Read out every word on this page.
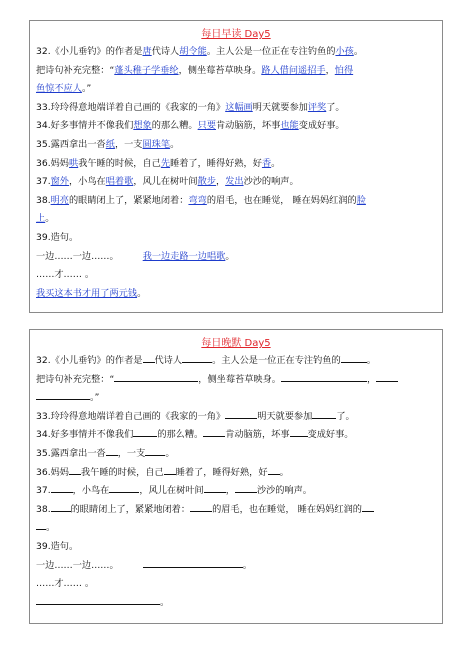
每日早读 Day5
32.《小儿垂钓》的作者是唐代诗人胡令能。主人公是一位正在专注钓鱼的小孩。
把诗句补充完整：“蓬头稚子学垂纶，侧坐莓苔草映身。路人借问遥招手，怕得
鱼惊不应人。”
33.玲玲得意地端详着自己画的《我家的一角》这幅画明天就要参加评奖了。
34.好多事情并不像我们想象的那么糟。只要肯动脑筋，坏事也能变成好事。
35.露西拿出一沓纸，一支圆珠笔。
36.妈妈哄我午睡的时候，自己先睡着了，睡得好熟，好香。
37.窗外，小鸟在唱着歌，风儿在树叶间散步，发出沙沙的响声。
38.明亮的眼睛闭上了，紧紧地闭着：弯弯的眉毛，也在睡觉， 睡在妈妈红润的脸
上。
39.造句。
一边……一边……。	我一边走路一边唱歌。
……才…… 。
我买这本书才用了两元钱。
每日晚默 Day5
32.《小儿垂钓》的作者是 代诗人	。主人公是一位正在专注钓鱼的	。
把诗句补充完整：“	，侧坐莓苔草映身。	，
。”
33.玲玲得意地端详着自己画的《我家的一角》	明天就要参加	了。
34.好多事情并不像我们	的那么糟。 肯动脑筋，坏事 变成好事。
35.露西拿出一沓 ，一支 。
36.妈妈 我午睡的时候，自己 睡着了，睡得好熟，好 。
37. ，小鸟在	，风儿在树叶间 ， 沙沙的响声。
38. 的眼睛闭上了，紧紧地闭着： 的眉毛，也在睡觉， 睡在妈妈红润的
。
39.造句。
一边……一边……。	。
……才…… 。
。
